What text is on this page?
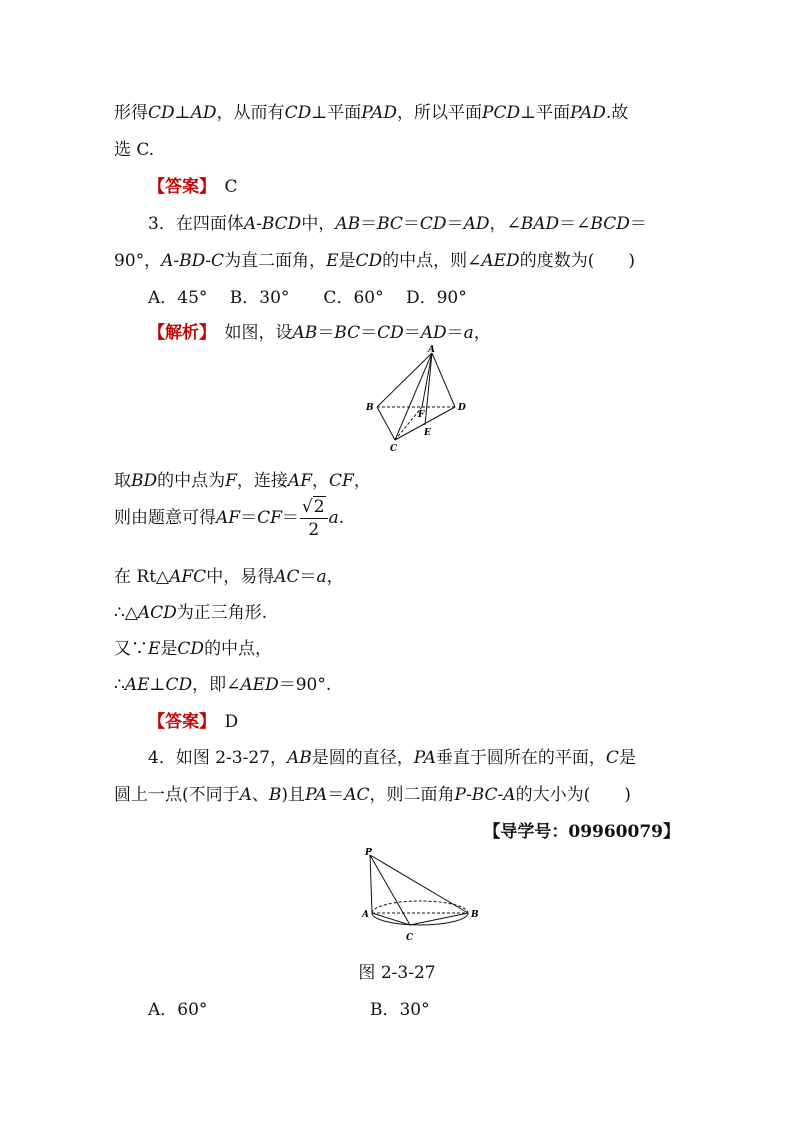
形得CD⊥AD，从而有CD⊥平面PAD，所以平面PCD⊥平面PAD.故
选 C.
【答案】　 C
3．在四面体A-BCD中，AB＝BC＝CD＝AD，∠BAD＝∠BCD＝
90°，A-BD-C为直二面角，E是CD的中点，则∠AED的度数为(　　)
A．45°　 B．30°　　C．60°　 D．90°
【解析】　 如图，设AB＝BC＝CD＝AD＝a，
A
B	D
C
E
F
取BD的中点为F，连接AF，CF，
则由题意可得$AF=CF= \frac{√2}{2} a$.
在 Rt△AFC中，易得AC＝a，
∴△ACD为正三角形.
又∵E是CD的中点，
∴AE⊥CD，即∠AED＝90°.
【答案】　 D
4．如图 2-3-27，AB是圆的直径，PA垂直于圆所在的平面，C是
圆上一点(不同于A、B)且PA＝AC，则二面角P-BC-A的大小为(　　)
【导学号：09960079】
P
A	B
C
图 2-3-27
A．60°	B．30°
